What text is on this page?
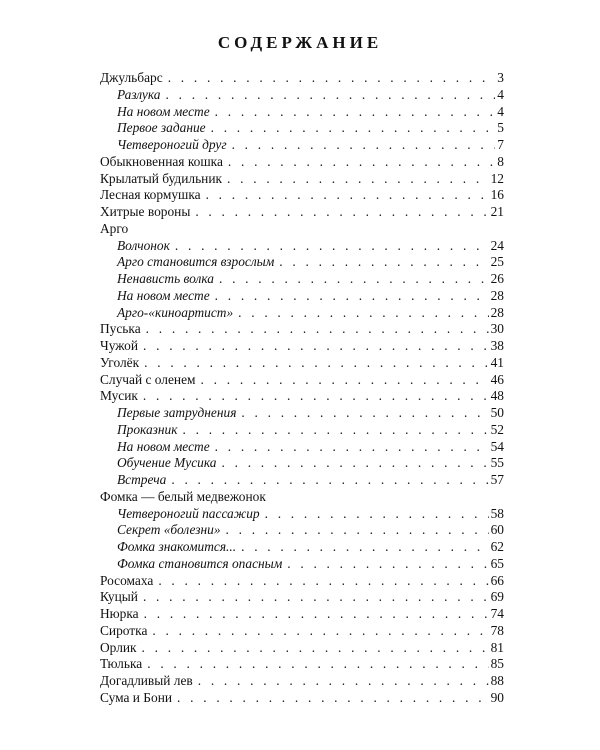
СОДЕРЖАНИЕ
Джульбарс . . .	3
Разлука . . .	4
На новом месте . . .	4
Первое задание . . .	5
Четвероногий друг . . .	7
Обыкновенная кошка . . .	8
Крылатый будильник . . .	12
Лесная кормушка . . .	16
Хитрые вороны . . .	21
Арго
Волчонок . . .	24
Арго становится взрослым . . .	25
Ненависть волка . . .	26
На новом месте . . .	28
Арго-«киноартист» . . .	28
Пуська . . .	30
Чужой . . .	38
Уголёк . . .	41
Случай с оленем . . .	46
Мусик . . .	48
Первые затруднения . . .	50
Проказник . . .	52
На новом месте . . .	54
Обучение Мусика . . .	55
Встреча . . .	57
Фомка — белый медвежонок
Четвероногий пассажир . . .	58
Секрет «болезни» . . .	60
Фомка знакомится... . . .	62
Фомка становится опасным . . .	65
Росомаха . . .	66
Куцый . . .	69
Нюрка . . .	74
Сиротка . . .	78
Орлик . . .	81
Тюлька . . .	85
Догадливый лев . . .	88
Сума и Бони . . .	90
